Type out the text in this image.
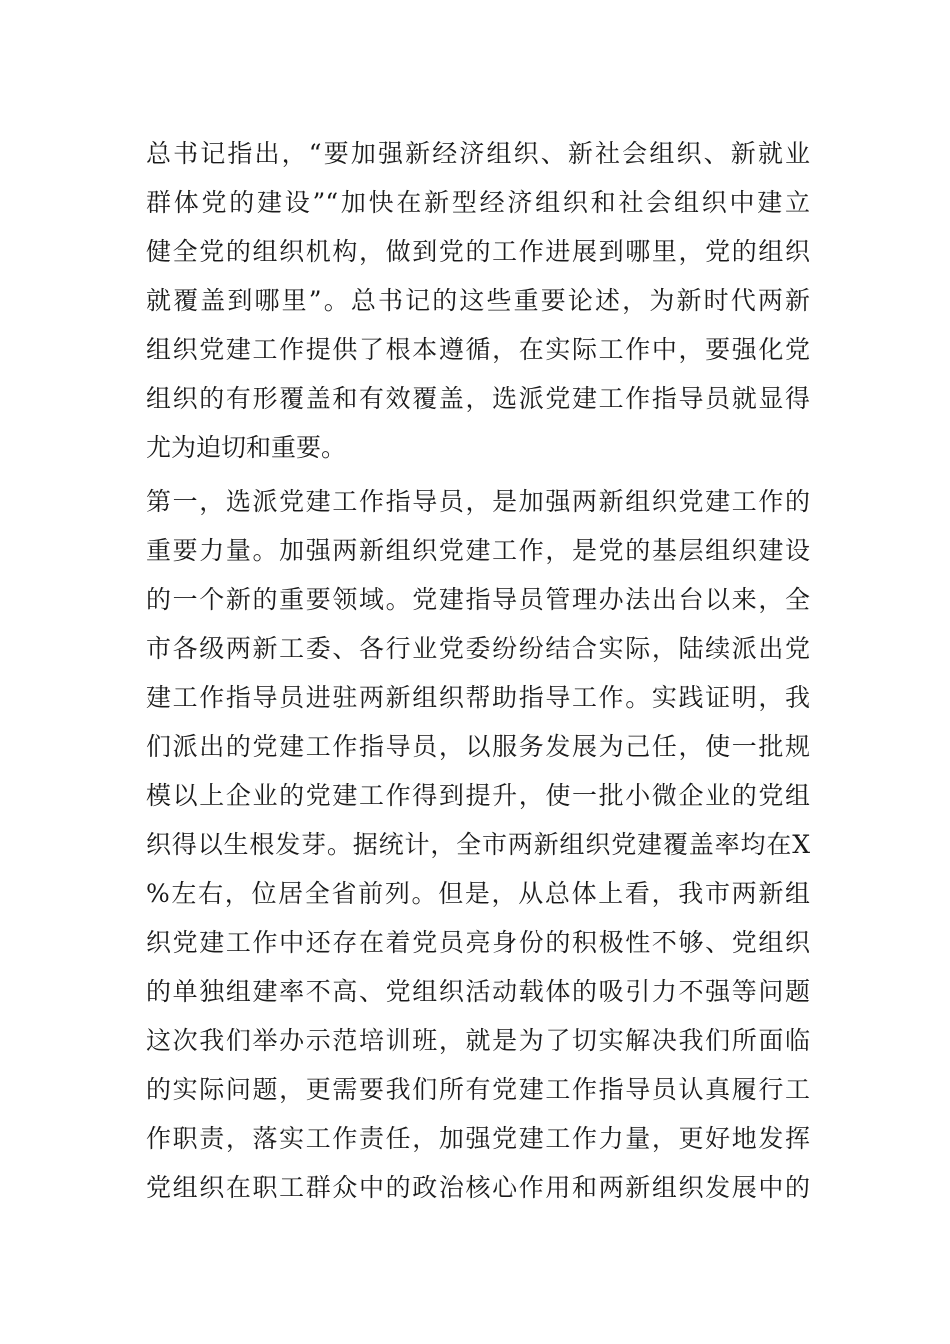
总书记指出，“要加强新经济组织、新社会组织、新就业
群体党的建设”“加快在新型经济组织和社会组织中建立
健全党的组织机构，做到党的工作进展到哪里，党的组织
就覆盖到哪里”。总书记的这些重要论述，为新时代两新
组织党建工作提供了根本遵循，在实际工作中，要强化党
组织的有形覆盖和有效覆盖，选派党建工作指导员就显得
尤为迫切和重要。
第一，选派党建工作指导员，是加强两新组织党建工作的
重要力量。加强两新组织党建工作，是党的基层组织建设
的一个新的重要领域。党建指导员管理办法出台以来，全
市各级两新工委、各行业党委纷纷结合实际，陆续派出党
建工作指导员进驻两新组织帮助指导工作。实践证明，我
们派出的党建工作指导员，以服务发展为己任，使一批规
模以上企业的党建工作得到提升，使一批小微企业的党组
织得以生根发芽。据统计，全市两新组织党建覆盖率均在X
%左右，位居全省前列。但是，从总体上看，我市两新组
织党建工作中还存在着党员亮身份的积极性不够、党组织
的单独组建率不高、党组织活动载体的吸引力不强等问题
这次我们举办示范培训班，就是为了切实解决我们所面临
的实际问题，更需要我们所有党建工作指导员认真履行工
作职责，落实工作责任，加强党建工作力量，更好地发挥
党组织在职工群众中的政治核心作用和两新组织发展中的
